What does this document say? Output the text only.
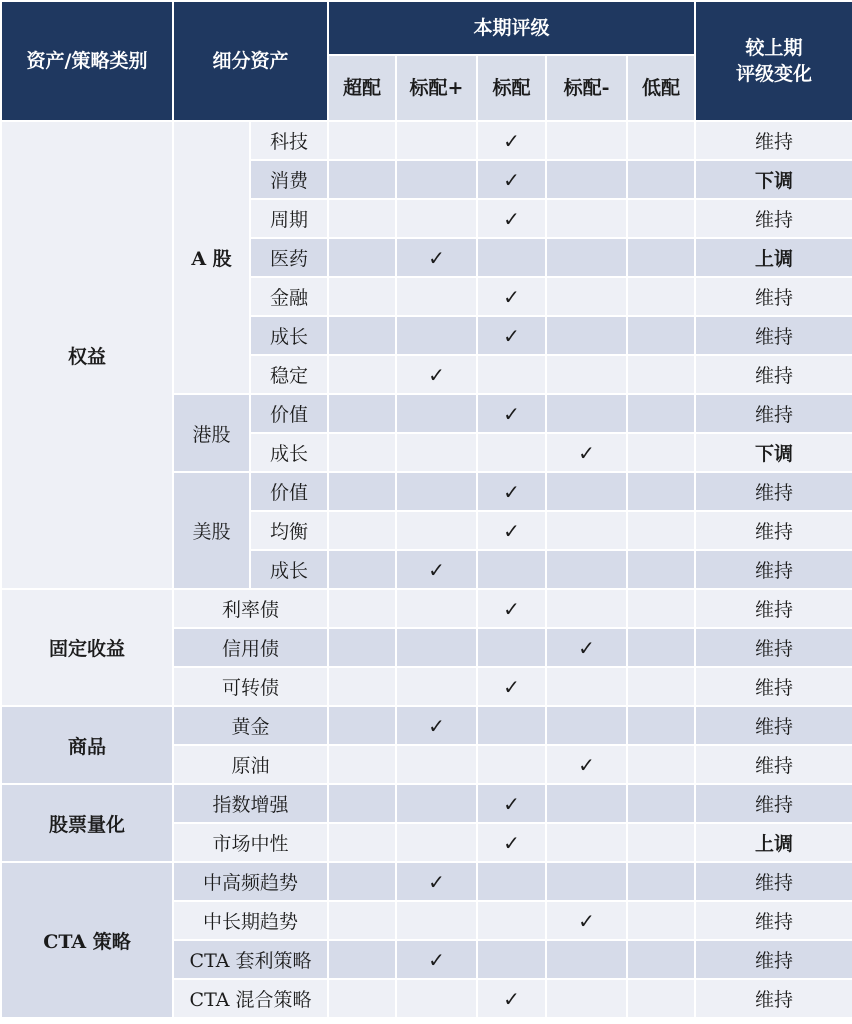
资产/策略类别	细分资产		本期评级					较上期
评级变化
			超配	标配+	标配	标配-	低配	
权益	A 股	科技			✓			维持
		消费			✓			下调
		周期			✓			维持
		医药		✓				上调
		金融			✓			维持
		成长			✓			维持
		稳定		✓				维持
	港股	价值			✓			维持
		成长				✓		下调
	美股	价值			✓			维持
		均衡			✓			维持
		成长		✓				维持
固定收益	利率债				✓			维持
	信用债					✓		维持
	可转债				✓			维持
商品	黄金			✓				维持
	原油					✓		维持
股票量化	指数增强				✓			维持
	市场中性				✓			上调
CTA 策略	中高频趋势			✓				维持
	中长期趋势					✓		维持
	CTA 套利策略			✓				维持
	CTA 混合策略				✓			维持
